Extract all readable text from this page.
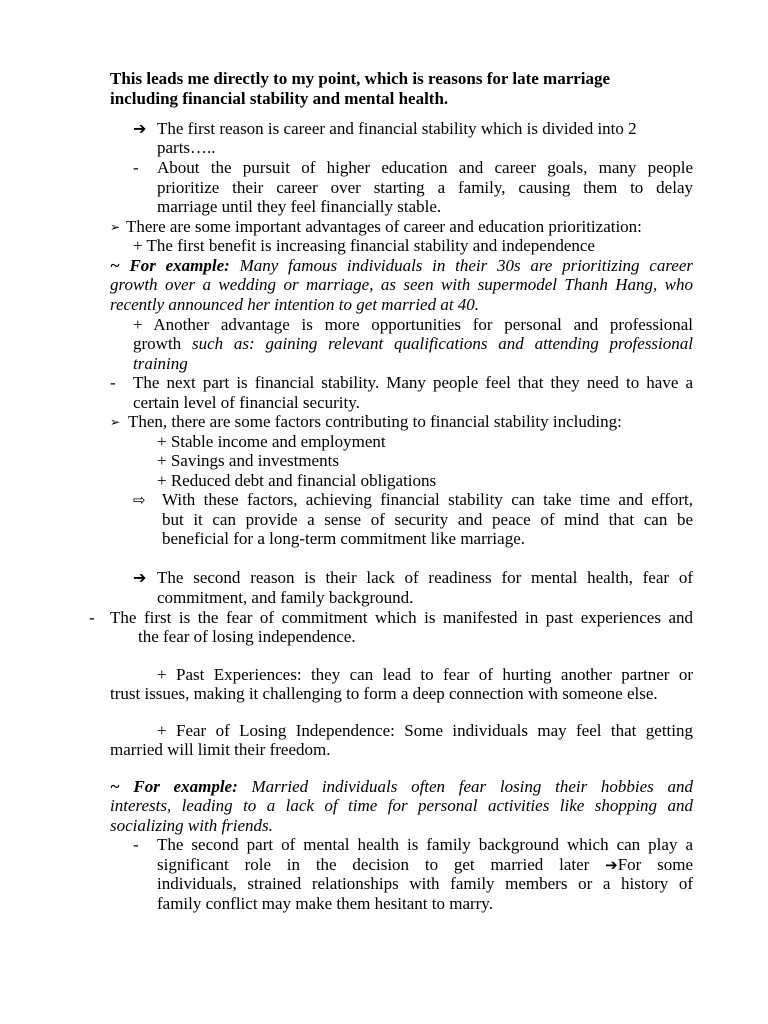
This leads me directly to my point, which is reasons for late marriage
including financial stability and mental health.
➔ The first reason is career and financial stability which is divided into 2
parts…..
- About the pursuit of higher education and career goals, many people
prioritize their career over starting a family, causing them to delay
marriage until they feel financially stable.
➢ There are some important advantages of career and education prioritization:
+ The first benefit is increasing financial stability and independence
~ For example: Many famous individuals in their 30s are prioritizing career
growth over a wedding or marriage, as seen with supermodel Thanh Hang, who
recently announced her intention to get married at 40.
+ Another advantage is more opportunities for personal and professional
growth such as: gaining relevant qualifications and attending professional
training
- The next part is financial stability. Many people feel that they need to have a
certain level of financial security.
➢ Then, there are some factors contributing to financial stability including:
+ Stable income and employment
+ Savings and investments
+ Reduced debt and financial obligations
⇨ With these factors, achieving financial stability can take time and effort,
but it can provide a sense of security and peace of mind that can be
beneficial for a long-term commitment like marriage.
➔ The second reason is their lack of readiness for mental health, fear of
commitment, and family background.
- The first is the fear of commitment which is manifested in past experiences and
the fear of losing independence.
+ Past Experiences: they can lead to fear of hurting another partner or
trust issues, making it challenging to form a deep connection with someone else.
+ Fear of Losing Independence: Some individuals may feel that getting
married will limit their freedom.
~ For example: Married individuals often fear losing their hobbies and
interests, leading to a lack of time for personal activities like shopping and
socializing with friends.
- The second part of mental health is family background which can play a
significant role in the decision to get married later ➔For some
individuals, strained relationships with family members or a history of
family conflict may make them hesitant to marry.
